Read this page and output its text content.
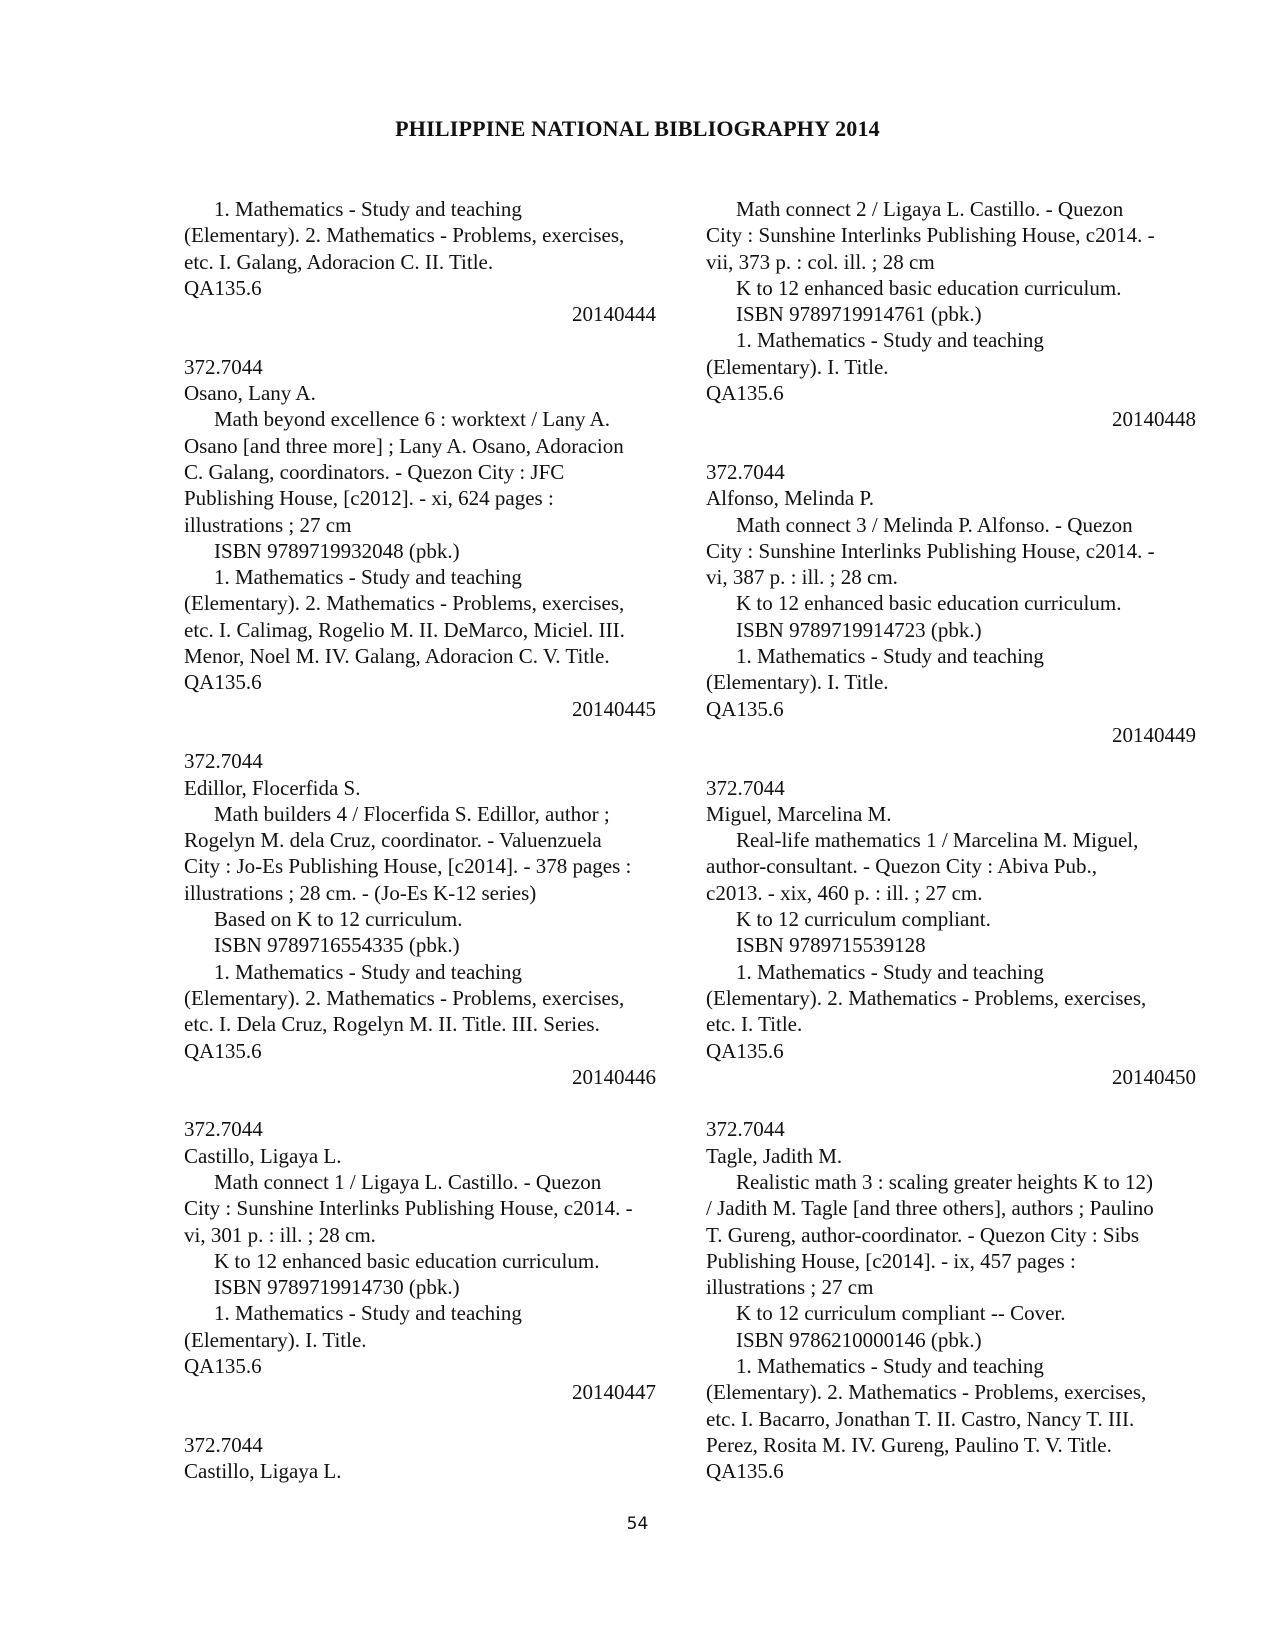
PHILIPPINE NATIONAL BIBLIOGRAPHY 2014
1. Mathematics - Study and teaching
(Elementary). 2. Mathematics - Problems, exercises,
etc. I. Galang, Adoracion C. II. Title.
QA135.6
20140444
372.7044
Osano, Lany A.
Math beyond excellence 6 : worktext / Lany A.
Osano [and three more] ; Lany A. Osano, Adoracion
C. Galang, coordinators. - Quezon City : JFC
Publishing House, [c2012]. - xi, 624 pages :
illustrations ; 27 cm
ISBN 9789719932048 (pbk.)
1. Mathematics - Study and teaching
(Elementary). 2. Mathematics - Problems, exercises,
etc. I. Calimag, Rogelio M. II. DeMarco, Miciel. III.
Menor, Noel M. IV. Galang, Adoracion C. V. Title.
QA135.6
20140445
372.7044
Edillor, Flocerfida S.
Math builders 4 / Flocerfida S. Edillor, author ;
Rogelyn M. dela Cruz, coordinator. - Valuenzuela
City : Jo-Es Publishing House, [c2014]. - 378 pages :
illustrations ; 28 cm. - (Jo-Es K-12 series)
Based on K to 12 curriculum.
ISBN 9789716554335 (pbk.)
1. Mathematics - Study and teaching
(Elementary). 2. Mathematics - Problems, exercises,
etc. I. Dela Cruz, Rogelyn M. II. Title. III. Series.
QA135.6
20140446
372.7044
Castillo, Ligaya L.
Math connect 1 / Ligaya L. Castillo. - Quezon
City : Sunshine Interlinks Publishing House, c2014. -
vi, 301 p. : ill. ; 28 cm.
K to 12 enhanced basic education curriculum.
ISBN 9789719914730 (pbk.)
1. Mathematics - Study and teaching
(Elementary). I. Title.
QA135.6
20140447
372.7044
Castillo, Ligaya L.
Math connect 2 / Ligaya L. Castillo. - Quezon
City : Sunshine Interlinks Publishing House, c2014. -
vii, 373 p. : col. ill. ; 28 cm
K to 12 enhanced basic education curriculum.
ISBN 9789719914761 (pbk.)
1. Mathematics - Study and teaching
(Elementary). I. Title.
QA135.6
20140448
372.7044
Alfonso, Melinda P.
Math connect 3 / Melinda P. Alfonso. - Quezon
City : Sunshine Interlinks Publishing House, c2014. -
vi, 387 p. : ill. ; 28 cm.
K to 12 enhanced basic education curriculum.
ISBN 9789719914723 (pbk.)
1. Mathematics - Study and teaching
(Elementary). I. Title.
QA135.6
20140449
372.7044
Miguel, Marcelina M.
Real-life mathematics 1 / Marcelina M. Miguel,
author-consultant. - Quezon City : Abiva Pub.,
c2013. - xix, 460 p. : ill. ; 27 cm.
K to 12 curriculum compliant.
ISBN 9789715539128
1. Mathematics - Study and teaching
(Elementary). 2. Mathematics - Problems, exercises,
etc. I. Title.
QA135.6
20140450
372.7044
Tagle, Jadith M.
Realistic math 3 : scaling greater heights K to 12)
/ Jadith M. Tagle [and three others], authors ; Paulino
T. Gureng, author-coordinator. - Quezon City : Sibs
Publishing House, [c2014]. - ix, 457 pages :
illustrations ; 27 cm
K to 12 curriculum compliant -- Cover.
ISBN 9786210000146 (pbk.)
1. Mathematics - Study and teaching
(Elementary). 2. Mathematics - Problems, exercises,
etc. I. Bacarro, Jonathan T. II. Castro, Nancy T. III.
Perez, Rosita M. IV. Gureng, Paulino T. V. Title.
QA135.6
54
